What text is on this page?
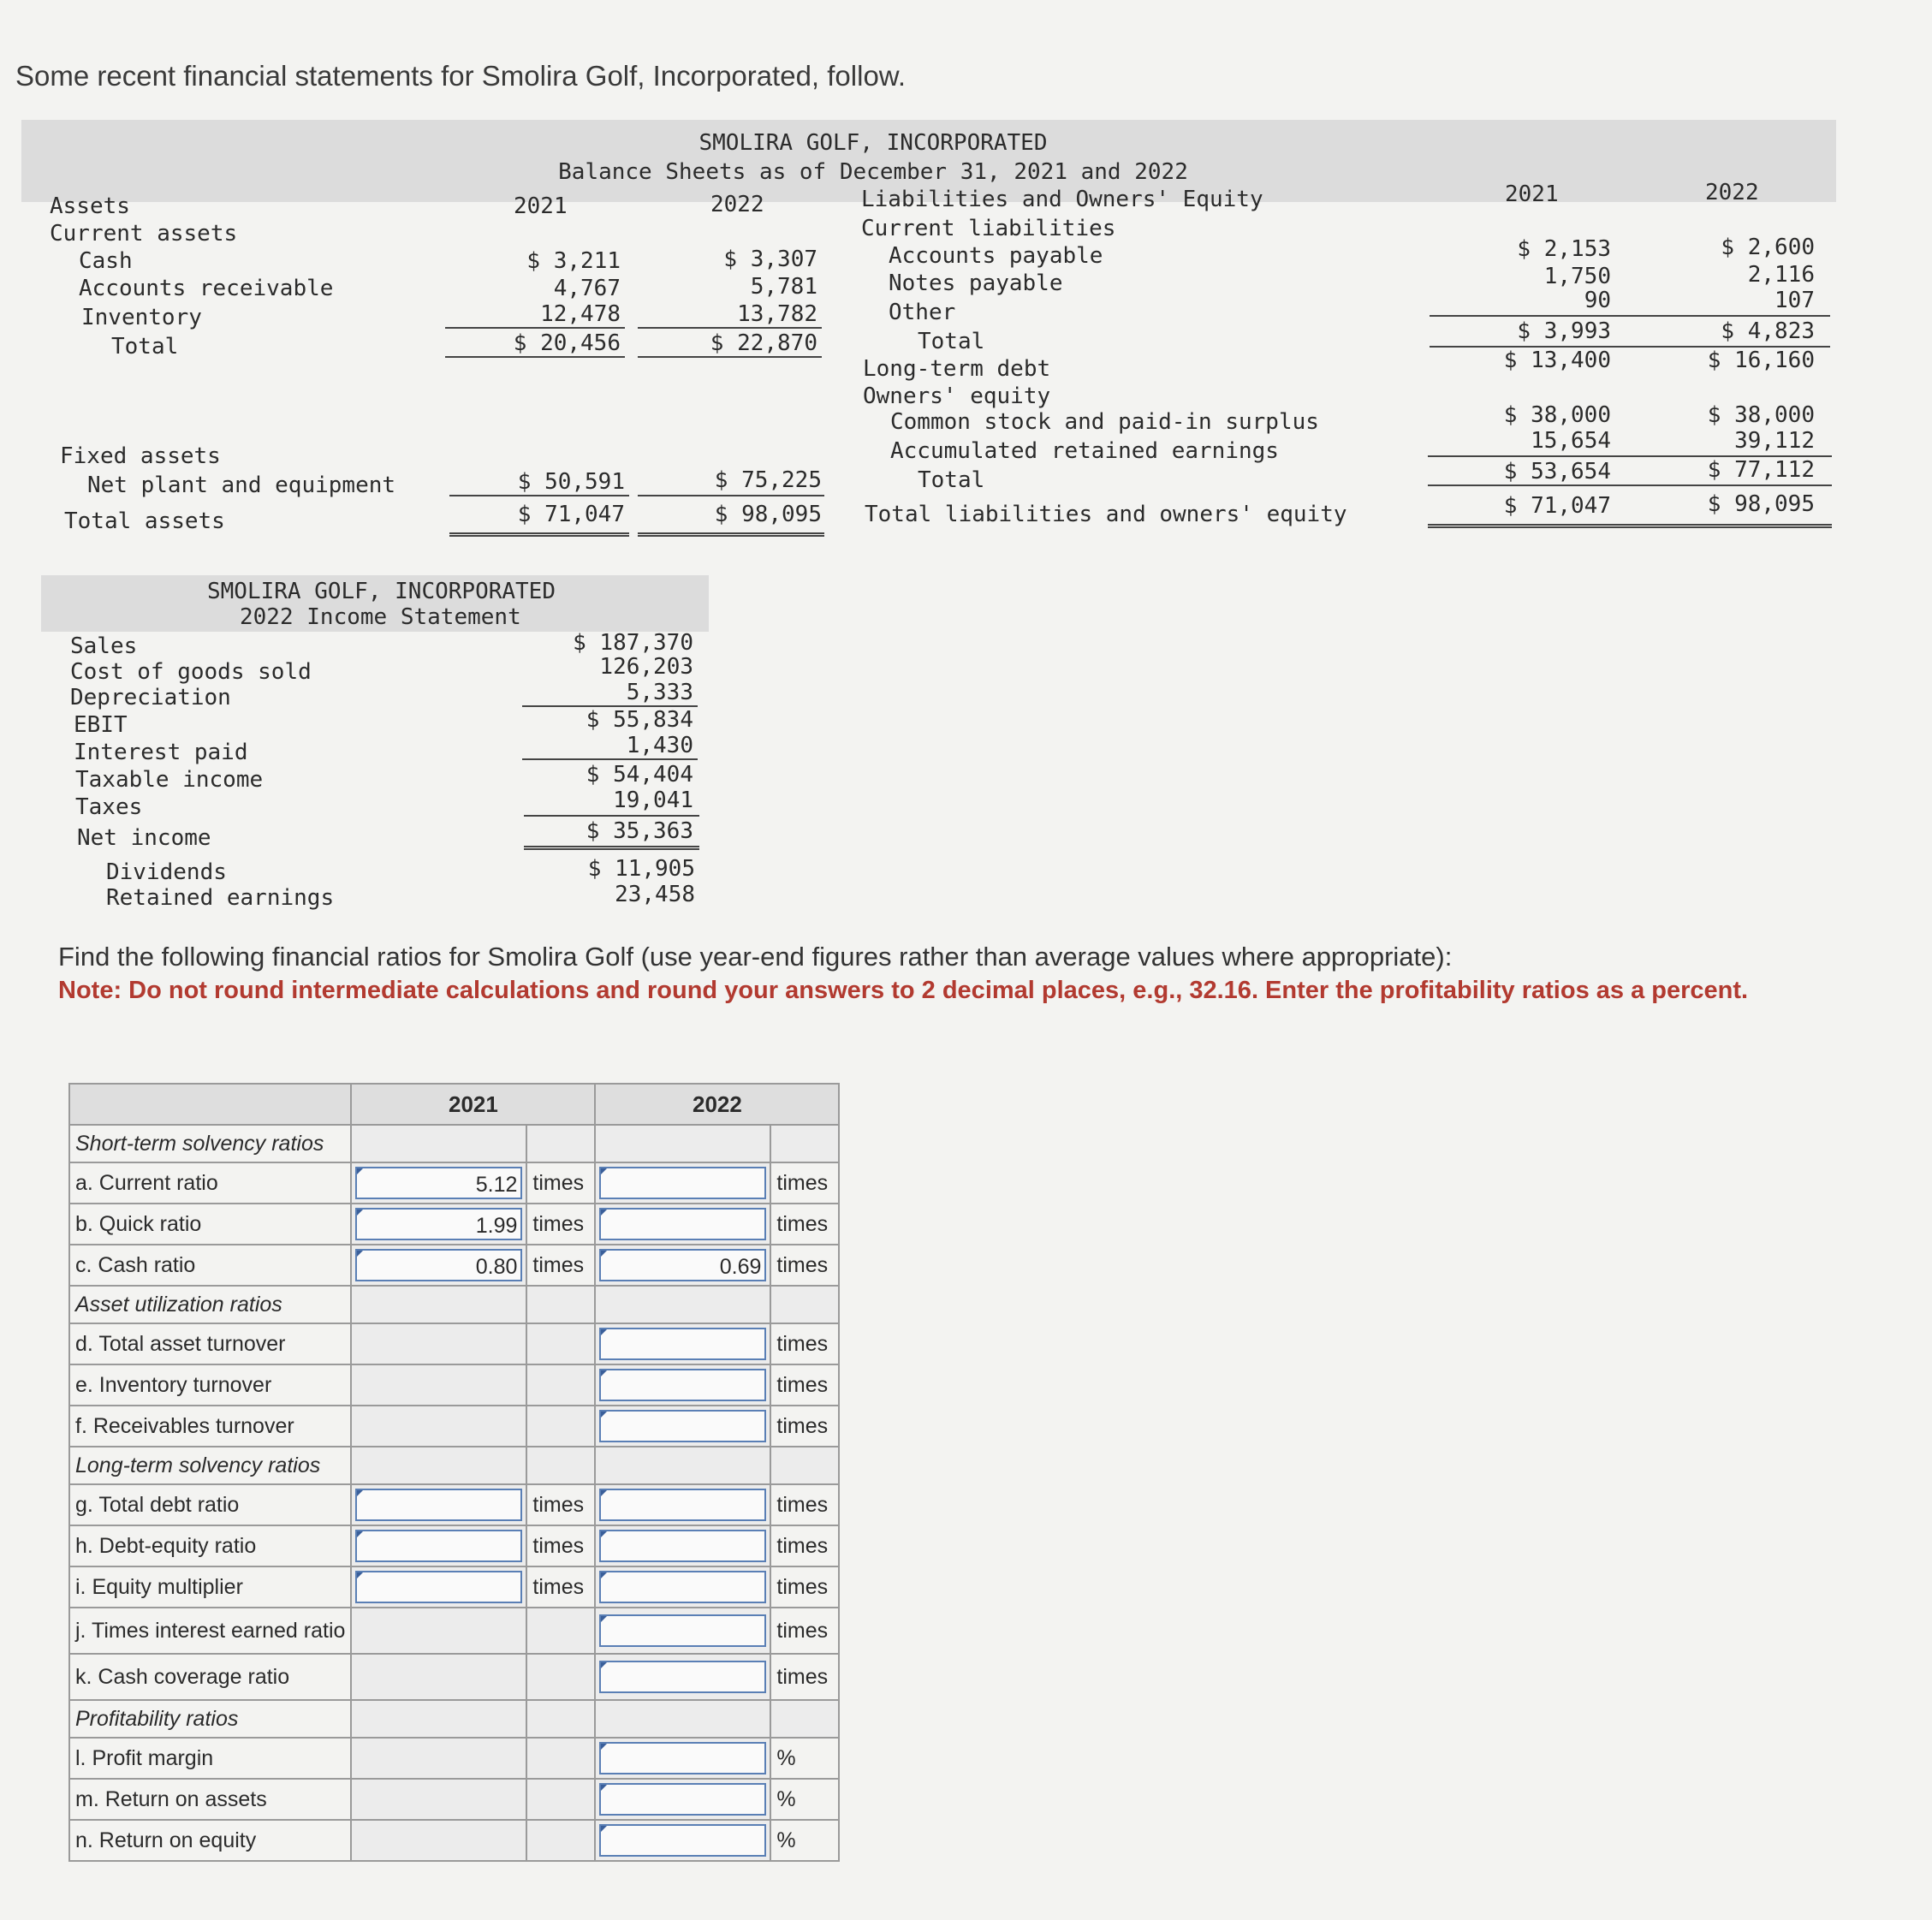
Some recent financial statements for Smolira Golf, Incorporated, follow.
SMOLIRA GOLF, INCORPORATED
Balance Sheets as of December 31, 2021 and 2022
Assets	2021	2022
Current assets
Cash	$ 3,211	$ 3,307
Accounts receivable	4,767	5,781
Inventory	12,478	13,782
Total	$ 20,456	$ 22,870
Fixed assets
Net plant and equipment	$ 50,591	$ 75,225
Total assets	$ 71,047	$ 98,095
Liabilities and Owners' Equity	2021	2022
Current liabilities
Accounts payable	$ 2,153	$ 2,600
Notes payable	1,750	2,116
Other	90	107
Total	$ 3,993	$ 4,823
Long-term debt	$ 13,400	$ 16,160
Owners' equity
Common stock and paid-in surplus	$ 38,000	$ 38,000
Accumulated retained earnings	15,654	39,112
Total	$ 53,654	$ 77,112
Total liabilities and owners' equity	$ 71,047	$ 98,095
SMOLIRA GOLF, INCORPORATED
2022 Income Statement
Sales	$ 187,370
Cost of goods sold	126,203
Depreciation	5,333
EBIT	$ 55,834
Interest paid	1,430
Taxable income	$ 54,404
Taxes	19,041
Net income	$ 35,363
Dividends	$ 11,905
Retained earnings	23,458
Find the following financial ratios for Smolira Golf (use year-end figures rather than average values where appropriate):
Note: Do not round intermediate calculations and round your answers to 2 decimal places, e.g., 32.16. Enter the profitability ratios as a percent.
	2021		2022	
Short-term solvency ratios				
a. Current ratio	5.12	times		times
b. Quick ratio	1.99	times		times
c. Cash ratio	0.80	times	0.69	times
Asset utilization ratios				
d. Total asset turnover				times
e. Inventory turnover				times
f. Receivables turnover				times
Long-term solvency ratios				
g. Total debt ratio		times		times
h. Debt-equity ratio		times		times
i. Equity multiplier		times		times
j. Times interest earned ratio				times
k. Cash coverage ratio				times
Profitability ratios				
l. Profit margin				%
m. Return on assets				%
n. Return on equity				%
